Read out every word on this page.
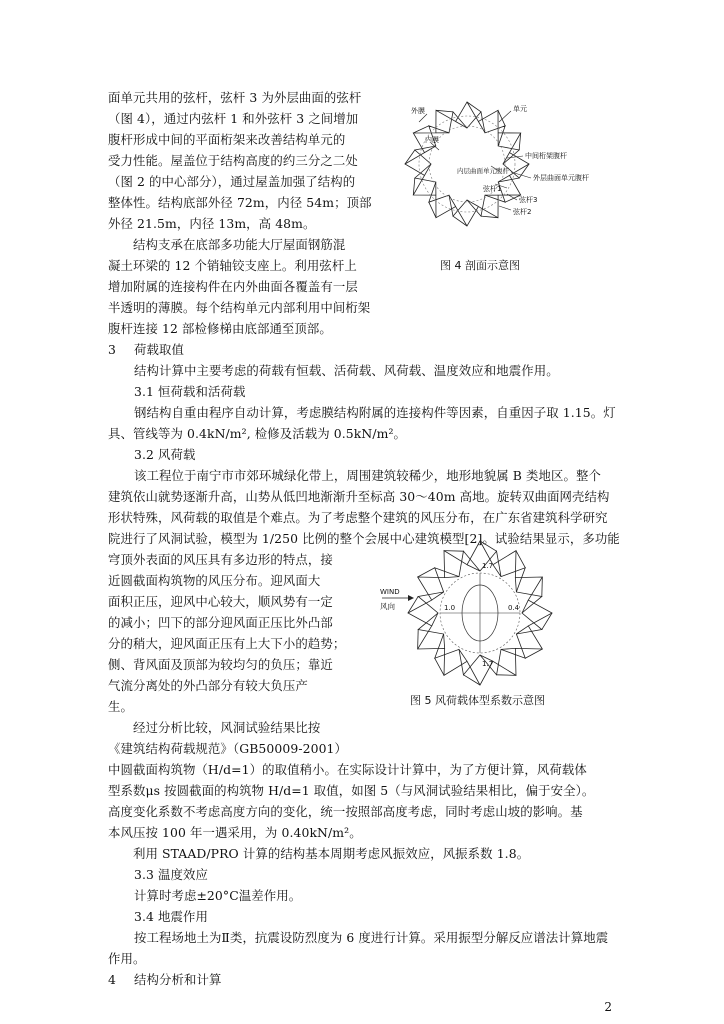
面单元共用的弦杆，弦杆 3 为外层曲面的弦杆
（图 4），通过内弦杆 1 和外弦杆 3 之间增加
腹杆形成中间的平面桁架来改善结构单元的
受力性能。屋盖位于结构高度的约三分之二处
（图 2 的中心部分），通过屋盖加强了结构的
整体性。结构底部外径 72m，内径 54m；顶部
外径 21.5m，内径 13m，高 48m。
　　结构支承在底部多功能大厅屋面钢筋混
凝土环梁的 12 个销轴铰支座上。利用弦杆上
增加附属的连接构件在内外曲面各覆盖有一层
半透明的薄膜。每个结构单元内部利用中间桁架
腹杆连接 12 部检修梯由底部通至顶部。
外膜	单元
内膜
中间桁架腹杆
内层曲面单元腹杆
外层曲面单元腹杆
弦杆1
弦杆3
弦杆2
图 4 剖面示意图
3 荷载取值
结构计算中主要考虑的荷载有恒载、活荷载、风荷载、温度效应和地震作用。
3.1 恒荷载和活荷载
钢结构自重由程序自动计算，考虑膜结构附属的连接构件等因素，自重因子取 1.15。灯
具、管线等为 0.4kN/m², 检修及活载为 0.5kN/m²。
3.2 风荷载
该工程位于南宁市市郊环城绿化带上，周围建筑较稀少，地形地貌属 B 类地区。整个
建筑依山就势逐渐升高，山势从低凹地渐渐升至标高 30～40m 高地。旋转双曲面网壳结构
形状特殊，风荷载的取值是个难点。为了考虑整个建筑的风压分布，在广东省建筑科学研究
院进行了风洞试验，模型为 1/250 比例的整个会展中心建筑模型[2]。试验结果显示，多功能
穹顶外表面的风压具有多边形的特点，接
近圆截面构筑物的风压分布。迎风面大
面积正压，迎风中心较大，顺风势有一定
的减小；凹下的部分迎风面正压比外凸部
分的稍大，迎风面正压有上大下小的趋势；
侧、背风面及顶部为较均匀的负压；靠近
气流分离处的外凸部分有较大负压产
生。
　　经过分析比较，风洞试验结果比按
《建筑结构荷载规范》（GB50009-2001）
WIND
风向
1.7
1.7
1.0	0.4
图 5 风荷载体型系数示意图
中圆截面构筑物（H/d=1）的取值稍小。在实际设计计算中，为了方便计算，风荷载体
型系数μs 按圆截面的构筑物 H/d=1 取值，如图 5（与风洞试验结果相比，偏于安全）。
高度变化系数不考虑高度方向的变化，统一按照部高度考虑，同时考虑山坡的影响。基
本风压按 100 年一遇采用，为 0.40kN/m²。
　　利用 STAAD/PRO 计算的结构基本周期考虑风振效应，风振系数 1.8。
3.3 温度效应
计算时考虑±20°C温差作用。
3.4 地震作用
按工程场地土为Ⅱ类，抗震设防烈度为 6 度进行计算。采用振型分解反应谱法计算地震
作用。
4 结构分析和计算
2
